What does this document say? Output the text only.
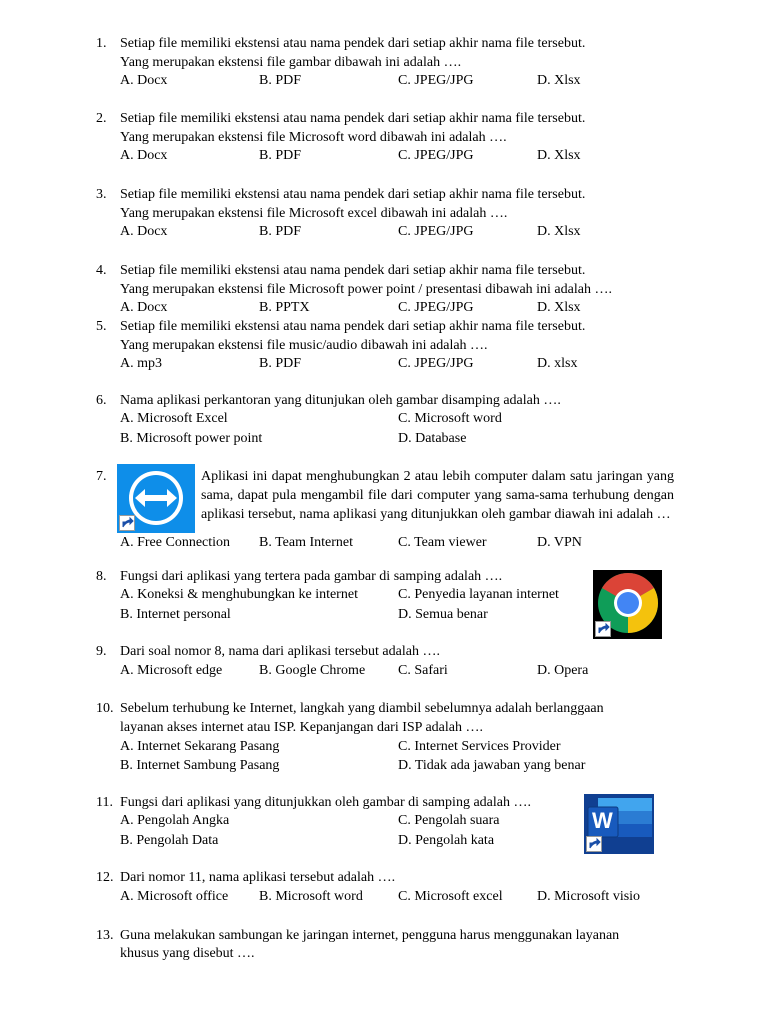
1. Setiap file memiliki ekstensi atau nama pendek dari setiap akhir nama file tersebut.
Yang merupakan ekstensi file gambar dibawah ini adalah ….
A. Docx	B. PDF	C. JPEG/JPG	D. Xlsx
2. Setiap file memiliki ekstensi atau nama pendek dari setiap akhir nama file tersebut.
Yang merupakan ekstensi file Microsoft word dibawah ini adalah ….
A. Docx	B. PDF	C. JPEG/JPG	D. Xlsx
3. Setiap file memiliki ekstensi atau nama pendek dari setiap akhir nama file tersebut.
Yang merupakan ekstensi file Microsoft excel dibawah ini adalah ….
A. Docx	B. PDF	C. JPEG/JPG	D. Xlsx
4. Setiap file memiliki ekstensi atau nama pendek dari setiap akhir nama file tersebut.
Yang merupakan ekstensi file Microsoft power point / presentasi dibawah ini adalah ….
A. Docx	B. PPTX	C. JPEG/JPG	D. Xlsx
5. Setiap file memiliki ekstensi atau nama pendek dari setiap akhir nama file tersebut.
Yang merupakan ekstensi file music/audio dibawah ini adalah ….
A. mp3	B. PDF	C. JPEG/JPG	D. xlsx
6. Nama aplikasi perkantoran yang ditunjukan oleh gambar disamping adalah ….
A. Microsoft Excel	C. Microsoft word
B. Microsoft power point	D. Database
7.	Aplikasi ini dapat menghubungkan 2 atau lebih computer dalam satu jaringan yang sama, dapat pula mengambil file dari computer yang sama-sama terhubung dengan aplikasi tersebut, nama aplikasi yang ditunjukkan oleh gambar diawah ini adalah …
A. Free Connection B. Team Internet	C. Team viewer	D. VPN
8. Fungsi dari aplikasi yang tertera pada gambar di samping adalah ….
A. Koneksi & menghubungkan ke internet	C. Penyedia layanan internet
B. Internet personal	D. Semua benar
9. Dari soal nomor 8, nama dari aplikasi tersebut adalah ….
A. Microsoft edge	B. Google Chrome C. Safari	D. Opera
10. Sebelum terhubung ke Internet, langkah yang diambil sebelumnya adalah berlanggaan
layanan akses internet atau ISP. Kepanjangan dari ISP adalah ….
A. Internet Sekarang Pasang	C. Internet Services Provider
B. Internet Sambung Pasang	D. Tidak ada jawaban yang benar
11. Fungsi dari aplikasi yang ditunjukkan oleh gambar di samping adalah ….
A. Pengolah Angka	C. Pengolah suara
B. Pengolah Data	D. Pengolah kata
W
12. Dari nomor 11, nama aplikasi tersebut adalah ….
A. Microsoft office B. Microsoft word	C. Microsoft excel D. Microsoft visio
13. Guna melakukan sambungan ke jaringan internet, pengguna harus menggunakan layanan
khusus yang disebut ….
